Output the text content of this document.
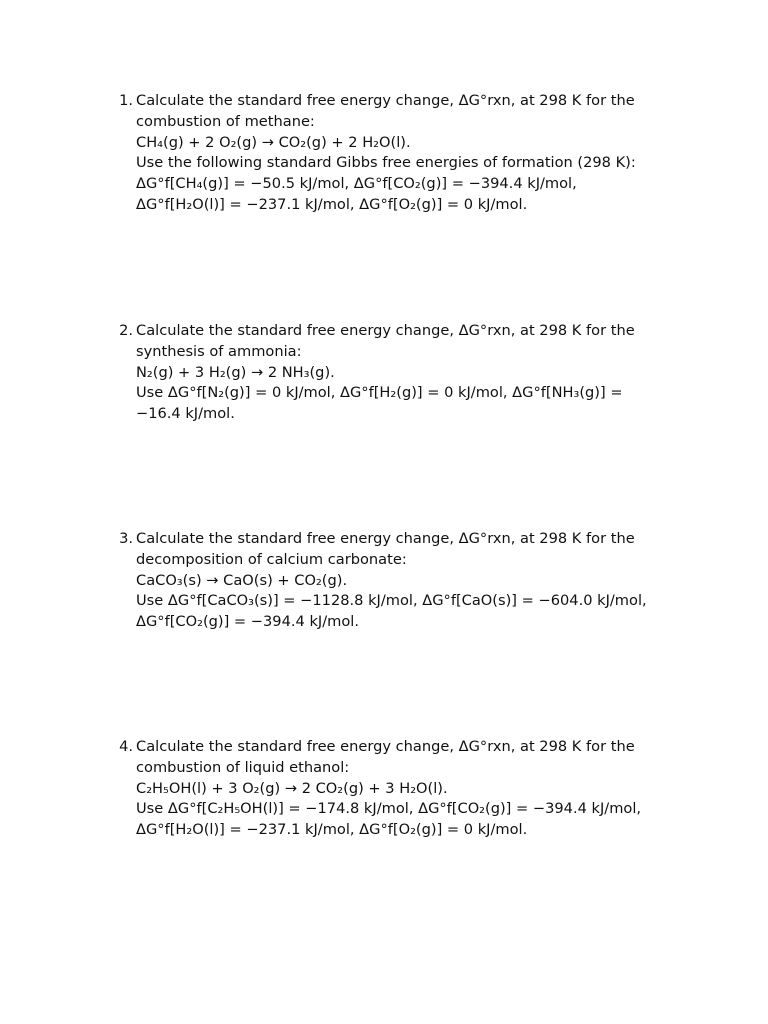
1. Calculate the standard free energy change, ΔG°rxn, at 298 K for the
combustion of methane:
CH₄(g) + 2 O₂(g) → CO₂(g) + 2 H₂O(l).
Use the following standard Gibbs free energies of formation (298 K):
ΔG°f[CH₄(g)] = −50.5 kJ/mol, ΔG°f[CO₂(g)] = −394.4 kJ/mol,
ΔG°f[H₂O(l)] = −237.1 kJ/mol, ΔG°f[O₂(g)] = 0 kJ/mol.
2. Calculate the standard free energy change, ΔG°rxn, at 298 K for the
synthesis of ammonia:
N₂(g) + 3 H₂(g) → 2 NH₃(g).
Use ΔG°f[N₂(g)] = 0 kJ/mol, ΔG°f[H₂(g)] = 0 kJ/mol, ΔG°f[NH₃(g)] =
−16.4 kJ/mol.
3. Calculate the standard free energy change, ΔG°rxn, at 298 K for the
decomposition of calcium carbonate:
CaCO₃(s) → CaO(s) + CO₂(g).
Use ΔG°f[CaCO₃(s)] = −1128.8 kJ/mol, ΔG°f[CaO(s)] = −604.0 kJ/mol,
ΔG°f[CO₂(g)] = −394.4 kJ/mol.
4. Calculate the standard free energy change, ΔG°rxn, at 298 K for the
combustion of liquid ethanol:
C₂H₅OH(l) + 3 O₂(g) → 2 CO₂(g) + 3 H₂O(l).
Use ΔG°f[C₂H₅OH(l)] = −174.8 kJ/mol, ΔG°f[CO₂(g)] = −394.4 kJ/mol,
ΔG°f[H₂O(l)] = −237.1 kJ/mol, ΔG°f[O₂(g)] = 0 kJ/mol.
